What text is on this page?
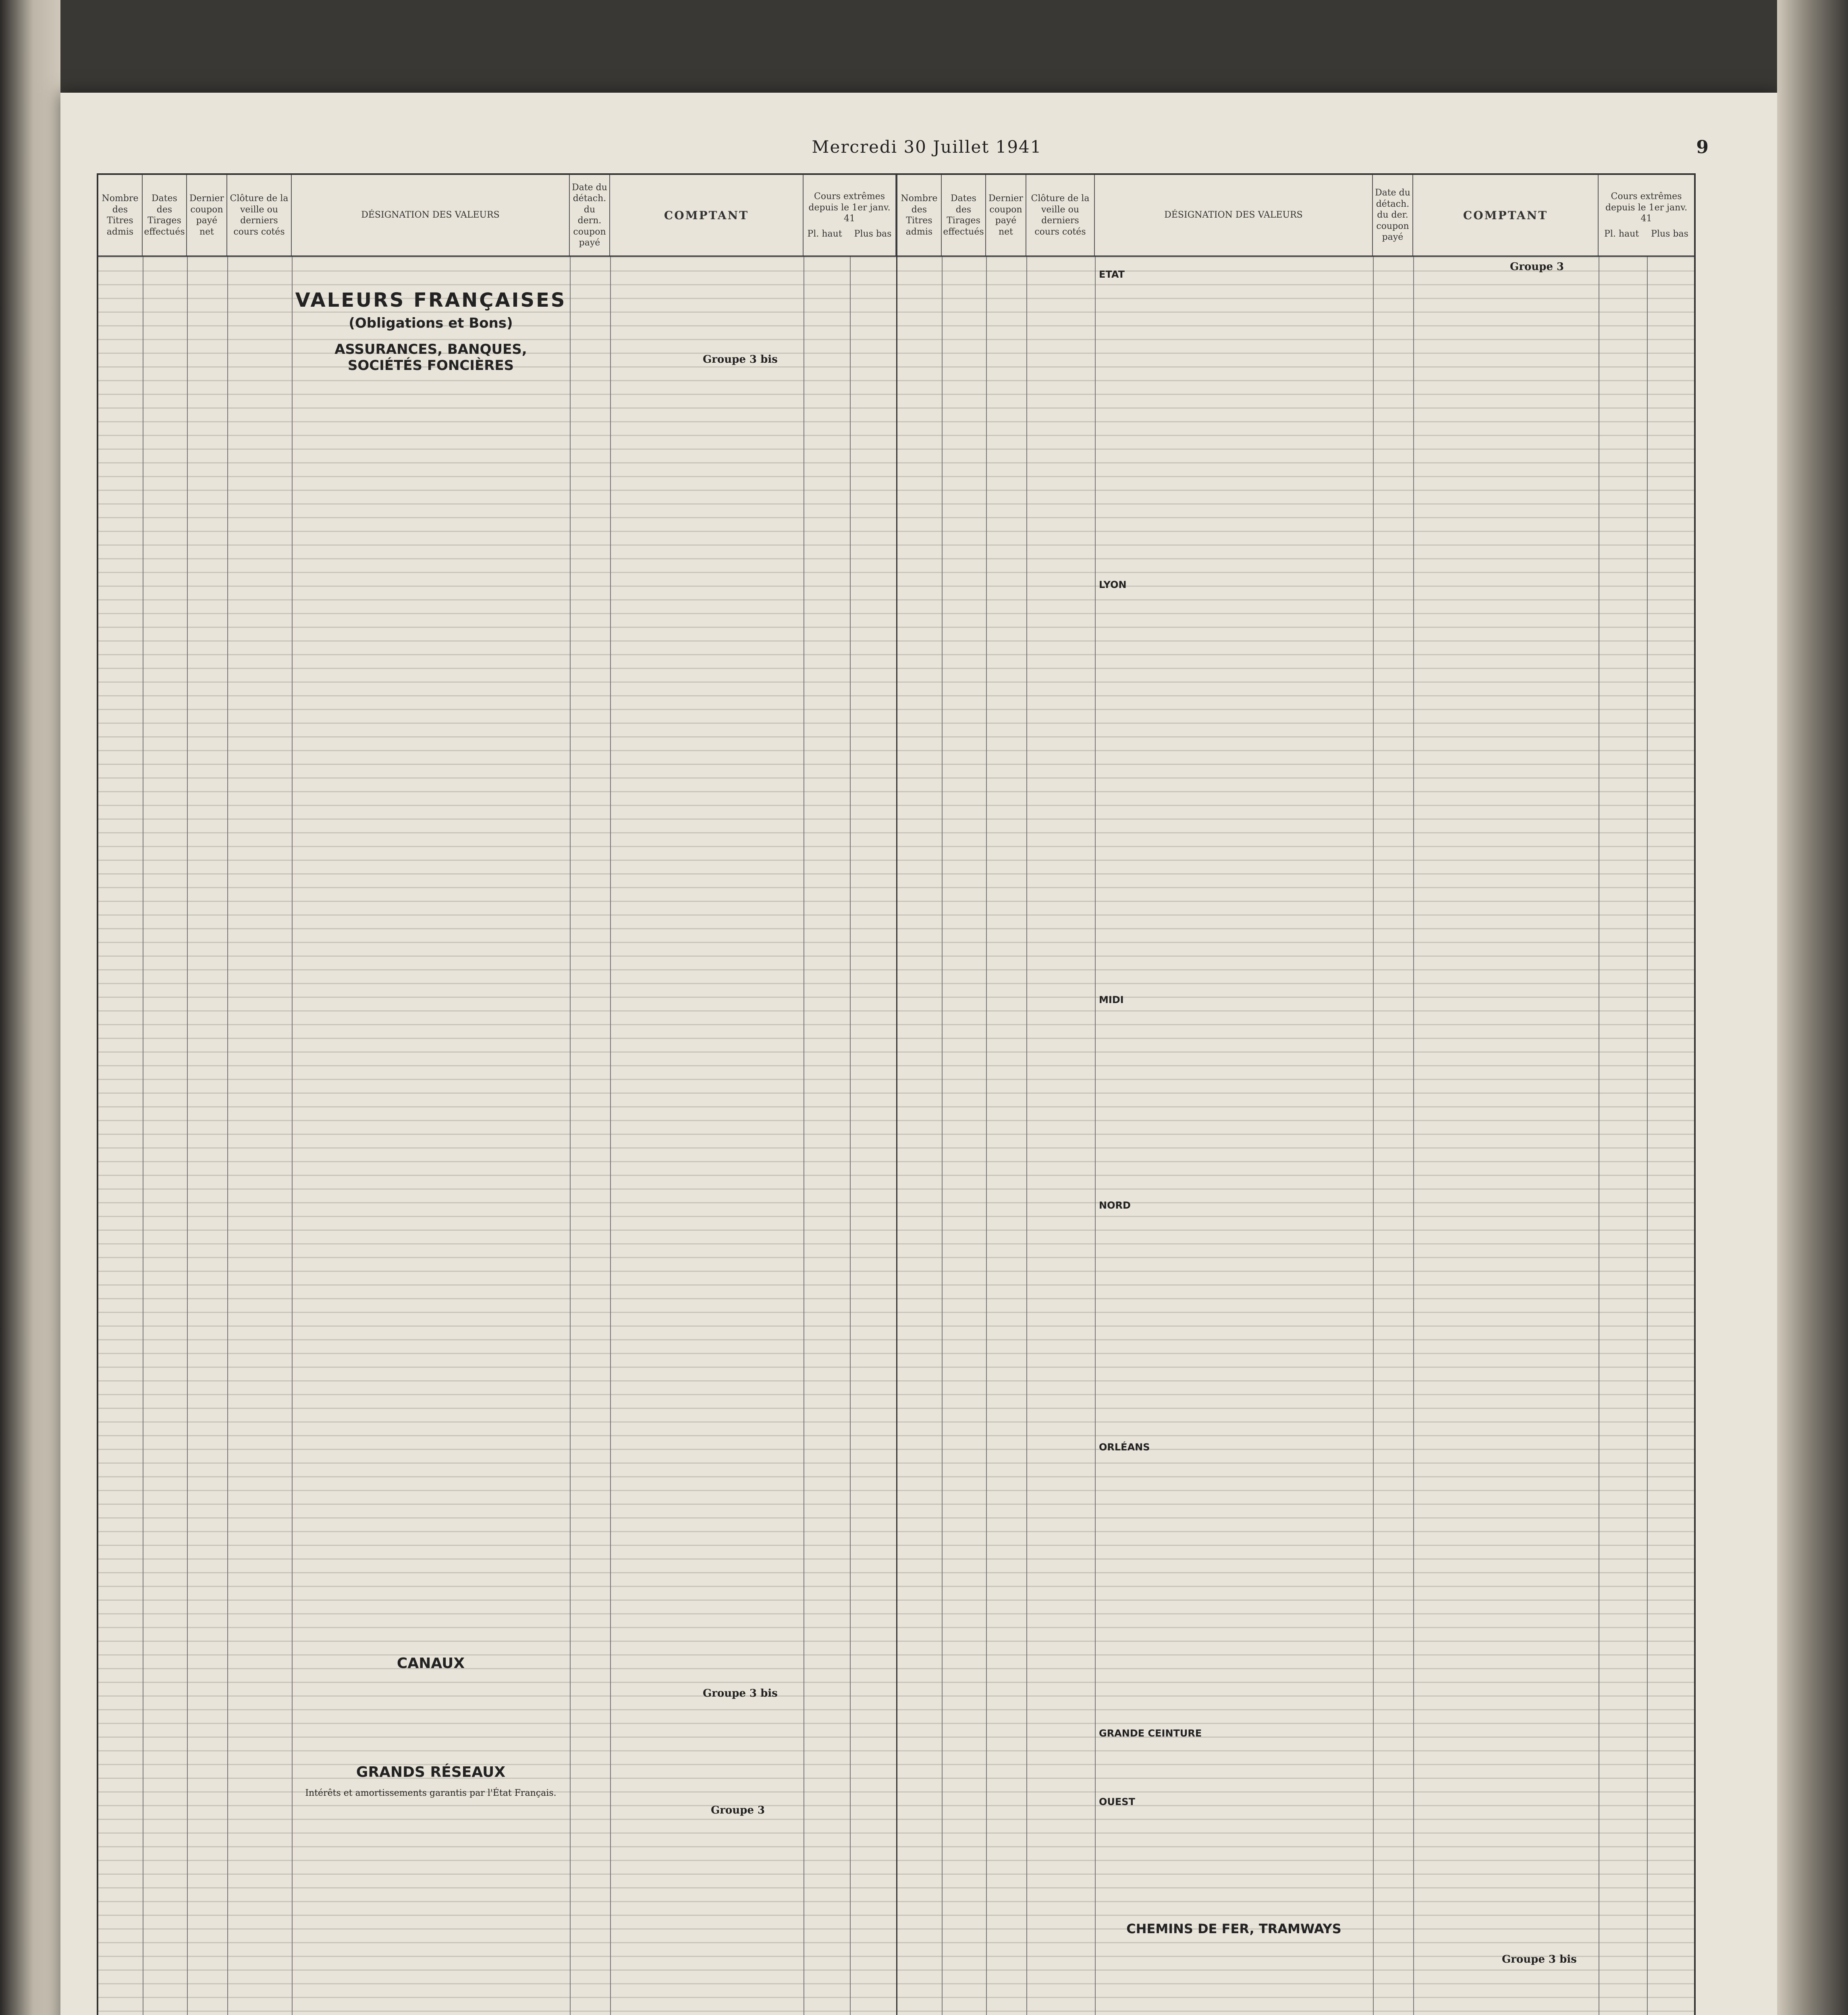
Mercredi 30 Juillet 1941	9
Nombre des Titres admis
Dates des Tirages effectués
Dernier coupon payé net
Clôture de la veille ou derniers cours cotés
DÉSIGNATION DES VALEURS
Date du détach. du dern. coupon payé
COMPTANT
Cours extrêmes depuis le 1er janv. 41
Pl. haut Plus bas
VALEURS FRANÇAISES
(Obligations et Bons)
ASSURANCES, BANQUES, SOCIÉTÉS FONCIÈRES	Groupe 3 bis
CANAUX
Groupe 3 bis
GRANDS RÉSEAUX
Intérêts et amortissements garantis par l'État Français.
Groupe 3
Nombre des Titres admis
Dates des Tirages effectués
Dernier coupon payé net
Clôture de la veille ou derniers cours cotés
DÉSIGNATION DES VALEURS
Date du détach. du der. coupon payé
COMPTANT
Cours extrêmes depuis le 1er janv. 41
Pl. haut Plus bas
Groupe 3
ETAT
LYON
MIDI
NORD
ORLÉANS
GRANDE CEINTURE
OUEST
CHEMINS DE FER, TRAMWAYS
Groupe 3 bis
